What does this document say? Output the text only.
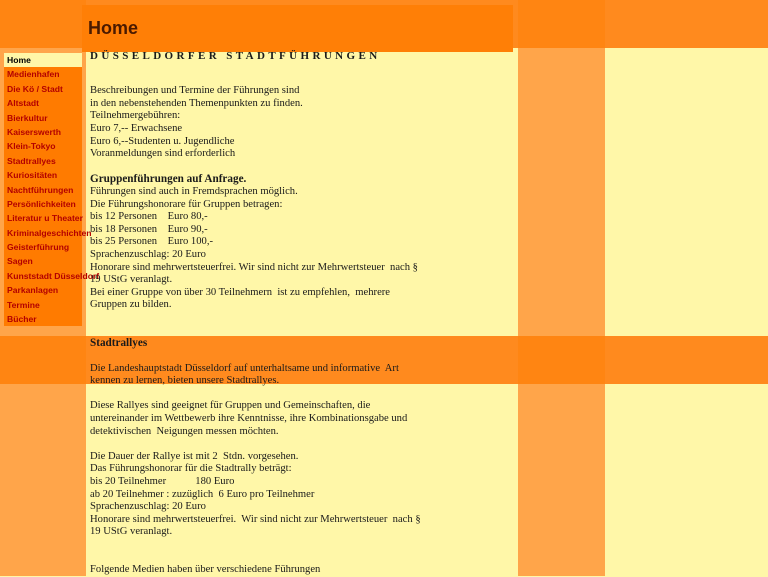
Home
Home
Medienhafen
Die Kö / Stadt
Altstadt
Bierkultur
Kaiserswerth
Klein-Tokyo
Stadtrallyes
Kuriositäten
Nachtführungen
Persönlichkeiten
Literatur u Theater
Kriminalgeschichten
Geisterführung
Sagen
Kunststadt Düsseldorf
Parkanlagen
Termine
Bücher

DÜSSELDORFER STADTFÜHRUNGEN

Beschreibungen und Termine der Führungen sind

in den nebenstehenden Themenpunkten zu finden.

Teilnehmergebühren:

Euro 7,-- Erwachsene

Euro 6,--Studenten u. Jugendliche

Voranmeldungen sind erforderlich

Gruppenführungen auf Anfrage.

Führungen sind auch in Fremdsprachen möglich.

Die Führungshonorare für Gruppen betragen:

bis 12 Personen    Euro 80,-

bis 18 Personen    Euro 90,-

bis 25 Personen    Euro 100,-

Sprachenzuschlag: 20 Euro

Honorare sind mehrwertsteuerfrei. Wir sind nicht zur Mehrwertsteuer  nach §

19 UStG veranlagt.

Bei einer Gruppe von über 30 Teilnehmern  ist zu empfehlen,  mehrere

Gruppen zu bilden.

Stadtrallyes

Die Landeshauptstadt Düsseldorf auf unterhaltsame und informative  Art

kennen zu lernen, bieten unsere Stadtrallyes.

Diese Rallyes sind geeignet für Gruppen und Gemeinschaften, die

untereinander im Wettbewerb ihre Kenntnisse, ihre Kombinationsgabe und

detektivischen  Neigungen messen möchten.

Die Dauer der Rallye ist mit 2  Stdn. vorgesehen.

Das Führungshonorar für die Stadtrally beträgt:

bis 20 Teilnehmer           180 Euro

ab 20 Teilnehmer : zuzüglich  6 Euro pro Teilnehmer

Sprachenzuschlag: 20 Euro

Honorare sind mehrwertsteuerfrei.  Wir sind nicht zur Mehrwertsteuer  nach §

19 UStG veranlagt.

Folgende Medien haben über verschiedene Führungen
